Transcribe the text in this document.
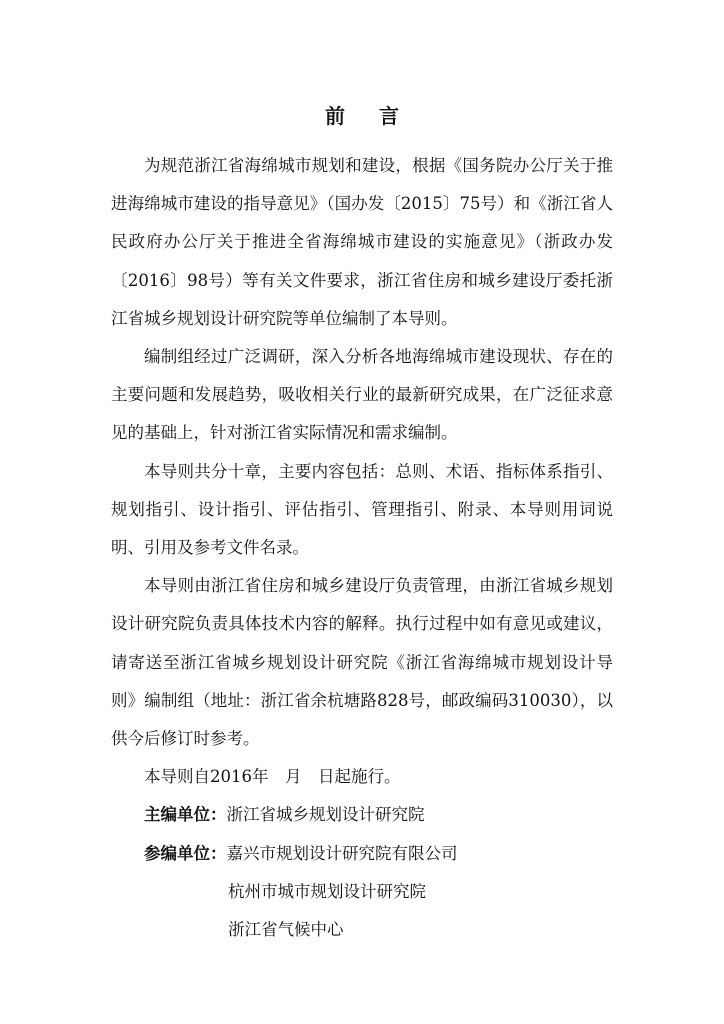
前言

为规范浙江省海绵城市规划和建设，根据《国务院办公厅关于推进海绵城市建设的指导意见》（国办发〔2015〕75号）和《浙江省人民政府办公厅关于推进全省海绵城市建设的实施意见》（浙政办发〔2016〕98号）等有关文件要求，浙江省住房和城乡建设厅委托浙江省城乡规划设计研究院等单位编制了本导则。

编制组经过广泛调研，深入分析各地海绵城市建设现状、存在的主要问题和发展趋势，吸收相关行业的最新研究成果，在广泛征求意见的基础上，针对浙江省实际情况和需求编制。

本导则共分十章，主要内容包括：总则、术语、指标体系指引、规划指引、设计指引、评估指引、管理指引、附录、本导则用词说明、引用及参考文件名录。

本导则由浙江省住房和城乡建设厅负责管理，由浙江省城乡规划设计研究院负责具体技术内容的解释。执行过程中如有意见或建议，请寄送至浙江省城乡规划设计研究院《浙江省海绵城市规划设计导则》编制组（地址：浙江省余杭塘路828号，邮政编码310030），以供今后修订时参考。

本导则自2016年　月　日起施行。

主编单位：浙江省城乡规划设计研究院

参编单位：嘉兴市规划设计研究院有限公司

杭州市城市规划设计研究院

浙江省气候中心
